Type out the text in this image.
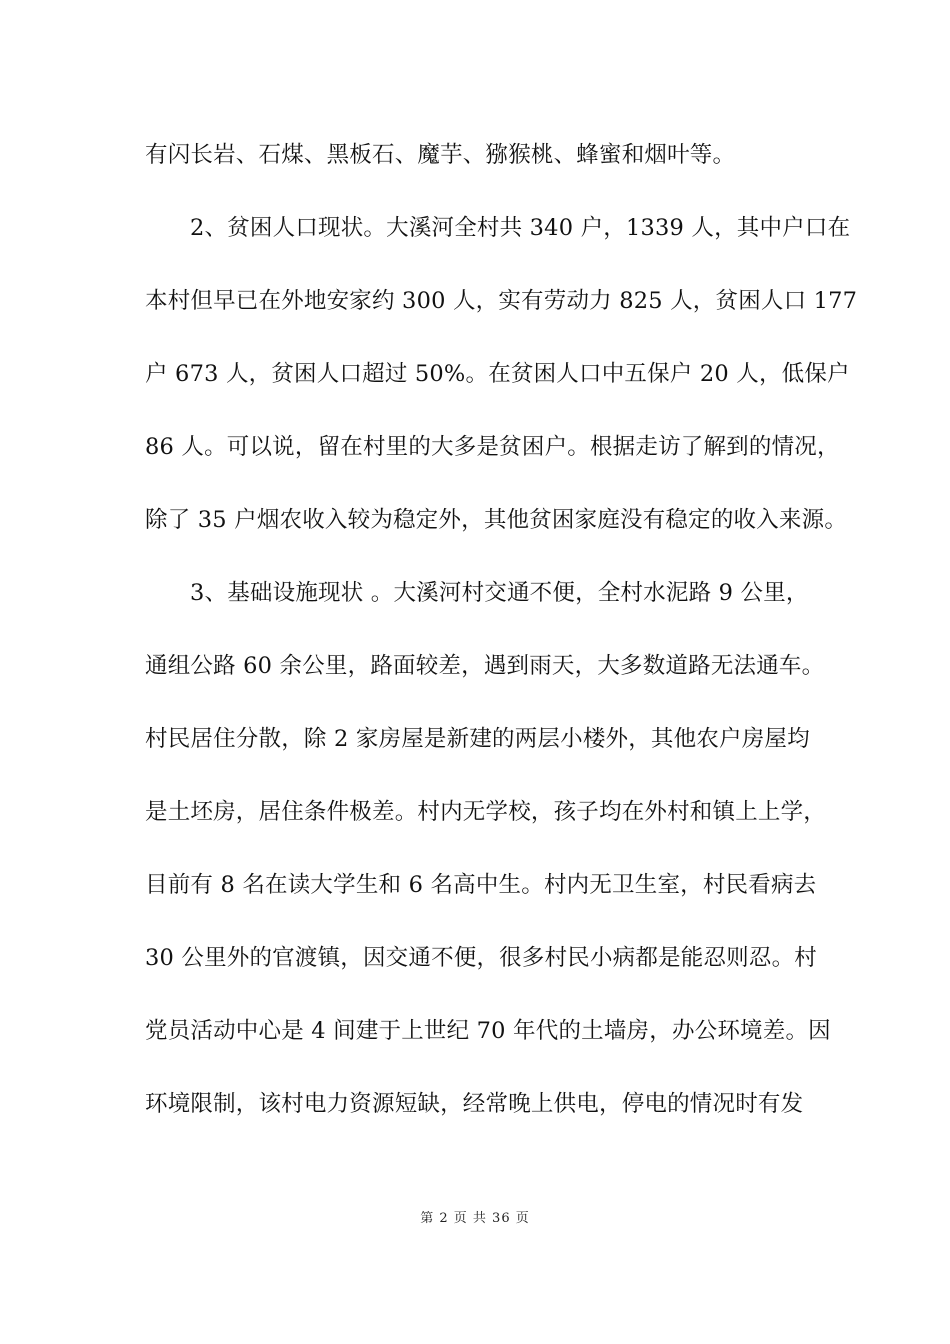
有闪长岩、石煤、黑板石、魔芋、猕猴桃、蜂蜜和烟叶等。
2、贫困人口现状。大溪河全村共 340 户，1339 人，其中户口在
本村但早已在外地安家约 300 人，实有劳动力 825 人，贫困人口 177
户 673 人，贫困人口超过 50%。在贫困人口中五保户 20 人，低保户
86 人。可以说，留在村里的大多是贫困户。根据走访了解到的情况，
除了 35 户烟农收入较为稳定外，其他贫困家庭没有稳定的收入来源。
3、基础设施现状 。大溪河村交通不便，全村水泥路 9 公里，
通组公路 60 余公里，路面较差，遇到雨天，大多数道路无法通车。
村民居住分散，除 2 家房屋是新建的两层小楼外，其他农户房屋均
是土坯房，居住条件极差。村内无学校，孩子均在外村和镇上上学，
目前有 8 名在读大学生和 6 名高中生。村内无卫生室，村民看病去
30 公里外的官渡镇，因交通不便，很多村民小病都是能忍则忍。村
党员活动中心是 4 间建于上世纪 70 年代的土墙房，办公环境差。因
环境限制，该村电力资源短缺，经常晚上供电，停电的情况时有发
第 2 页 共 36 页
